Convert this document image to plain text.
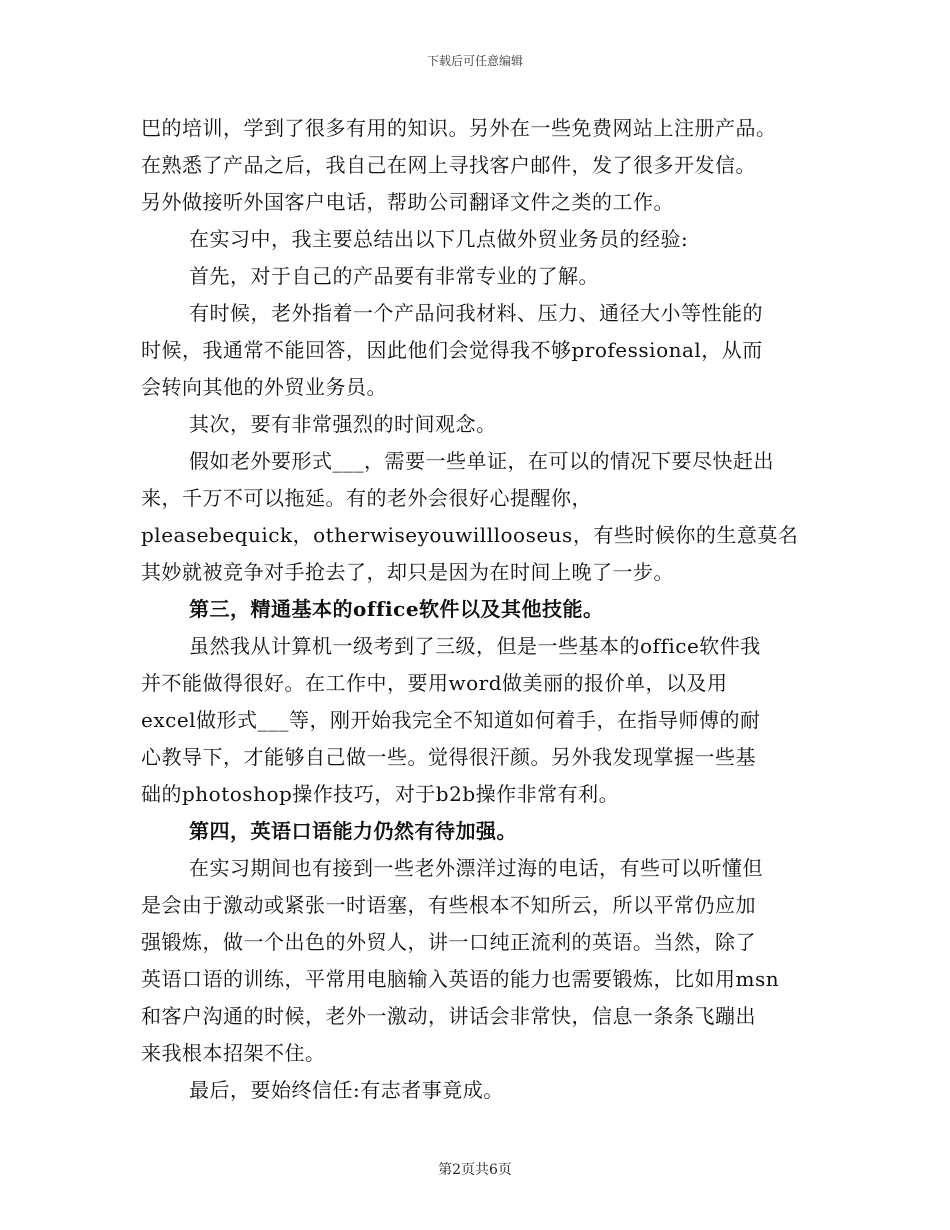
下载后可任意编辑
巴的培训，学到了很多有用的知识。另外在一些免费网站上注册产品。
在熟悉了产品之后，我自己在网上寻找客户邮件，发了很多开发信。
另外做接听外国客户电话，帮助公司翻译文件之类的工作。
在实习中，我主要总结出以下几点做外贸业务员的经验:
首先，对于自己的产品要有非常专业的了解。
有时候，老外指着一个产品问我材料、压力、通径大小等性能的
时候，我通常不能回答，因此他们会觉得我不够professional，从而
会转向其他的外贸业务员。
其次，要有非常强烈的时间观念。
假如老外要形式___，需要一些单证，在可以的情况下要尽快赶出
来，千万不可以拖延。有的老外会很好心提醒你，
pleasebequick，otherwiseyouwilllooseus，有些时候你的生意莫名
其妙就被竞争对手抢去了，却只是因为在时间上晚了一步。
第三，精通基本的office软件以及其他技能。
虽然我从计算机一级考到了三级，但是一些基本的office软件我
并不能做得很好。在工作中，要用word做美丽的报价单，以及用
excel做形式___等，刚开始我完全不知道如何着手，在指导师傅的耐
心教导下，才能够自己做一些。觉得很汗颜。另外我发现掌握一些基
础的photoshop操作技巧，对于b2b操作非常有利。
第四，英语口语能力仍然有待加强。
在实习期间也有接到一些老外漂洋过海的电话，有些可以听懂但
是会由于激动或紧张一时语塞，有些根本不知所云，所以平常仍应加
强锻炼，做一个出色的外贸人，讲一口纯正流利的英语。当然，除了
英语口语的训练，平常用电脑输入英语的能力也需要锻炼，比如用msn
和客户沟通的时候，老外一激动，讲话会非常快，信息一条条飞蹦出
来我根本招架不住。
最后，要始终信任:有志者事竟成。
第2页共6页
